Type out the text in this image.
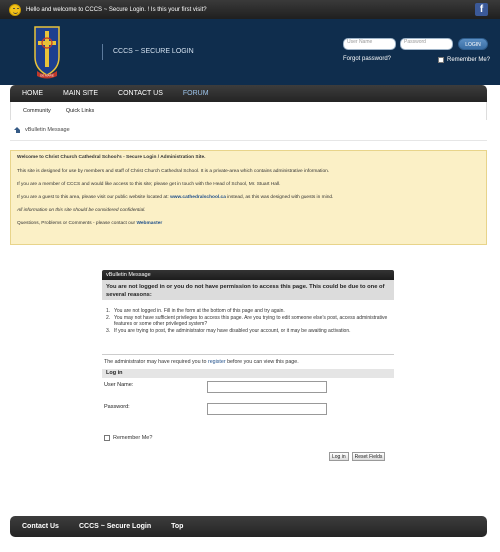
Hello and welcome to CCCS ~ Secure Login. ! Is this your first visit?	f
DE MARE
CCCS ~ SECURE LOGIN
User Name	Password	LOGIN
Forgot password?	Remember Me?
HOME	MAIN SITE	CONTACT US	FORUM
Community	Quick Links
vBulletin Message

Welcome to Christ Church Cathedral School's - Secure Login / Administration Site.

This site is designed for use by members and staff of Christ Church Cathedral School. It is a private-area which contains administrative information.

If you are a member of CCCS and would like access to this site; please get in touch with the Head of School, Mr. Stuart Hall.

If you are a guest to this area, please visit our public website located at: www.cathedralschool.ca instead, as this was designed with guests in mind.

All information on this site should be considered confidential.

Questions, Problems or Comments - please contact our Webmaster

vBulletin Message
You are not logged in or you do not have permission to access this page. This could be due to one of several reasons:
1. You are not logged in. Fill in the form at the bottom of this page and try again.
2. You may not have sufficient privileges to access this page. Are you trying to edit someone else's post, access administrative features or some other privileged system?
3. If you are trying to post, the administrator may have disabled your account, or it may be awaiting activation.
The administrator may have required you to register before you can view this page.
Log in
User Name:
Password:
Remember Me?
Log in	Reset Fields
Contact Us	CCCS ~ Secure Login	Top
